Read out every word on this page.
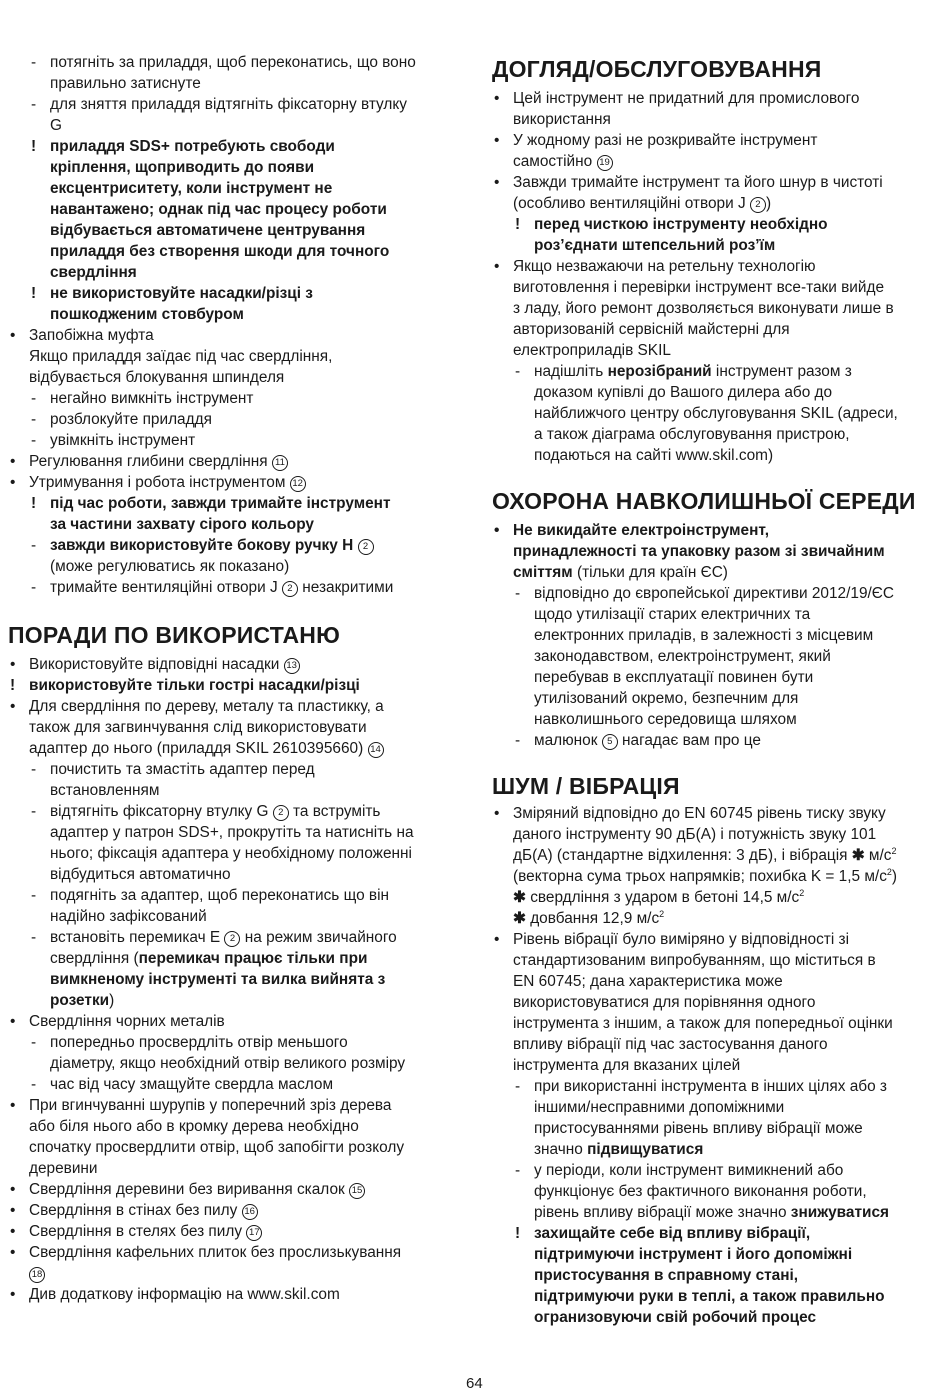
- потягніть за приладдя, щоб переконатись, що воно
правильно затиснуте
- для зняття приладдя відтягніть фіксаторну втулку
G
! приладдя SDS+ потребують свободи
кріплення, щоприводить до появи
ексцентриситету, коли інструмент не
навантажено; однак під час процесу роботи
відбувається автоматичене центрування
приладдя без створення шкоди для точного
свердління
! не використовуйте насадки/різці з
пошкодженим стовбуром
• Запобіжна муфта
Якщо приладдя заїдає під час свердління,
відбувається блокування шпинделя
- негайно вимкніть інструмент
- розблокуйте приладдя
- увімкніть інструмент
• Регулювання глибини свердління 11
• Утримування і робота інструментом 12
! під час роботи, завжди тримайте інструмент
за частини захвату сірого кольору
- завжди використовуйте бокову ручку H 2
(може регулюватись як показано)
- тримайте вентиляційні отвори J 2 незакритими
ПОРАДИ ПО ВИКОРИСТАНЮ
• Використовуйте відповідні насадки 13
! використовуйте тільки гострі насадки/різці
• Для свердління по дереву, металу та пластикку, а
також для загвинчування слід використовувати
адаптер до нього (приладдя SKIL 2610395660) 14
- почистить та змастіть адаптер перед
встановленням
- відтягніть фіксаторну втулку G 2 та вструміть
адаптер у патрон SDS+, прокрутіть та натисніть на
нього; фіксація адаптера у необхідному положенні
відбудиться автоматично
- подягніть за адаптер, щоб переконатись що він
надійно зафіксований
- встановіть перемикач E 2 на режим звичайного
свердління (перемикач працює тільки при
вимкненому інструменті та вилка вийнята з
розетки)
• Свердління чорних металів
- попередньо просвердліть отвір меньшого
діаметру, якщо необхідний отвір великого розміру
- час від часу змащуйте свердла маслом
• При вгинчуванні шурупів у поперечний зріз дерева
або біля нього або в кромку дерева необхідно
спочатку просвердлити отвір, щоб запобігти розколу
деревини
• Свердління деревини без виривання скалок 15
• Свердління в стінах без пилу 16
• Свердління в стелях без пилу 17
• Свердління кафельних плиток без прослизькування
18
• Див додаткову інформацію на www.skil.com
ДОГЛЯД/ОБСЛУГОВУВАННЯ
• Цей інструмент не придатний для промислового
використання
• У жодному разі не розкривайте інструмент
самостійно 19
• Завжди тримайте інструмент та його шнур в чистоті
(особливо вентиляційні отвори J 2 )
! перед чисткою інструменту необхідно
роз’єднати штепсельний роз’їм
• Якщо незважаючи на ретельну технологію
виготовлення і перевірки інструмент все-таки вийде
з ладу, його ремонт дозволяється виконувати лише в
авторизованій сервісній майстерні для
електроприладів SKIL
- надішліть нерозібраний інструмент разом з
доказом купівлі до Вашого дилера або до
найближчого центру обслуговування SKIL (адреси,
а також діаграма обслуговування пристрою,
подаються на сайті www.skil.com)
ОХОРОНА НАВКОЛИШНЬОЇ СЕРЕДИ
• Не викидайте електроінструмент,
принадлежності та упаковку разом зі звичайним
сміттям (тільки для країн ЄС)
- відповідно до європейської директиви 2012/19/ЄС
щодо утилізації старих електричних та
електронних приладів, в залежності з місцевим
законодавством, електроінструмент, який
перебував в експлуатації повинен бути
утилізований окремо, безпечним для
навколишнього середовища шляхом
- малюнок 5 нагадає вам про це
ШУМ / ВІБРАЦІЯ
• Зміряний відповідно до EN 60745 рівень тиску звуку
даного інструменту 90 дБ(A) і потужність звуку 101
дБ(A) (стандартне відхилення: 3 дБ), і вібрація ✱ $м/с^2$
(векторна сума трьох напрямків; похибка K = 1,5 $м/с^2$)
✱ свердління з ударом в бетоні 14,5 $м/с^2$
✱ довбання 12,9 $м/с^2$
• Рівень вібрації було виміряно у відповідності зі
стандартизованим випробуванням, що міститься в
EN 60745; дана характеристика може
використовуватися для порівняння одного
інструмента з іншим, а також для попередньої оцінки
впливу вібрації під час застосування даного
інструмента для вказаних цілей
- при використанні інструмента в інших цілях або з
іншими/несправними допоміжними
пристосуваннями рівень впливу вібрації може
значно підвищуватися
- у періоди, коли інструмент вимикнений або
функціонує без фактичного виконання роботи,
рівень впливу вібрації може значно знижуватися
! захищайте себе від впливу вібрації,
підтримуючи інструмент і його допоміжні
пристосування в справному стані,
підтримуючи руки в теплі, а також правильно
огранизовуючи свій робочий процес
64
